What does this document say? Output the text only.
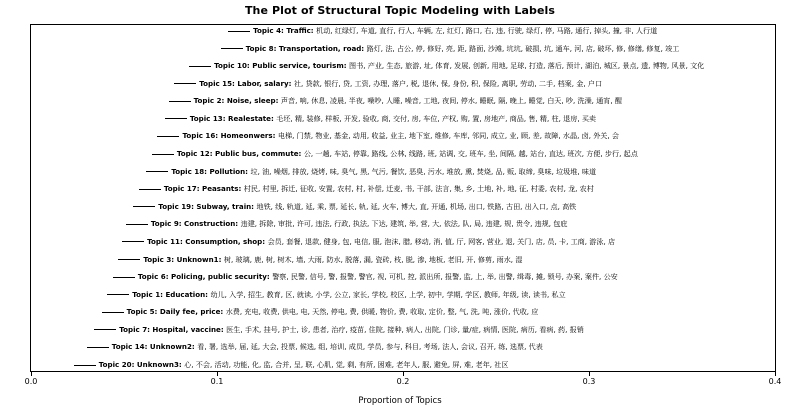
The Plot of Structural Topic Modeling with Labels
Topic 4: Traffic: 机动, 红绿灯, 车道, 直行, 行人, 车辆, 左, 红灯, 路口, 右, 违, 行驶, 绿灯, 停, 马路, 通行, 掉头, 撞, 非, 人行道
Topic 8: Transportation, road: 路灯, 法, 占公, 停, 修好, 亮, 距, 路面, 沙滩, 坑坑, 破损, 坑, 通车, 河, 店, 破坏, 修, 修缮, 修复, 竣工
Topic 10: Public service, tourism: 图书, 产业, 生态, 旅游, 址, 体育, 发展, 创新, 用地, 足球, 打造, 落后, 预计, 湖泊, 城区, 景点, 遗, 博物, 风景, 文化
Topic 15: Labor, salary: 社, 贷款, 银行, 贷, 工资, 办理, 落户, 税, 退休, 保, 身份, 积, 保险, 离职, 劳动, 二手, 档案, 金, 户口
Topic 2: Noise, sleep: 声音, 响, 休息, 凌晨, 半夜, 噪吵, 人睡, 噪音, 工地, 夜间, 停水, 睡眠, 隔, 晚上, 睡觉, 白天, 吵, 洗澡, 通宵, 醒
Topic 13: Realestate: 毛坯, 精, 装修, 样板, 开发, 验收, 商, 交付, 房, 车位, 产权, 购, 置, 房地产, 商品, 售, 精, 柱, 退房, 买卖
Topic 16: Homeonwers: 电梯, 门禁, 物业, 基金, 动用, 收益, 业主, 地下室, 维修, 车库, 邻同, 成立, 业, 顾, 差, 故障, 水晶, 卤, 外关, 会
Topic 12: Public bus, commute: 公, 一趟, 车站, 停靠, 路线, 公林, 线路, 班, 站调, 交, 班车, 坐, 间隔, 越, 站台, 直达, 班次, 方便, 步行, 起点
Topic 18: Pollution: 垃, 油, 噪烟, 排放, 烧烤, 味, 臭气, 黑, 气污, 餐饮, 恶臭, 污水, 堆放, 熏, 焚烧, 品, 贩, 取缔, 臭味, 垃圾堆, 味道
Topic 17: Peasants: 村民, 村里, 拆迁, 征收, 安置, 农村, 村, 补偿, 迁麦, 书, 干部, 法言, 集, 乡, 土地, 补, 地, 征, 村委, 农村, 龙, 农村
Topic 19: Subway, train: 地铁, 线, 轨道, 延, 乘, 票, 延长, 轨, 延, 火车, 博大, 直, 开通, 机场, 出口, 铁路, 古田, 出入口, 点, 高铁
Topic 9: Construction: 违建, 拆除, 审批, 许可, 违法, 行政, 执法, 下达, 建筑, 举, 营, 大, 依法, 队, 局, 违建, 规, 贵令, 违规, 包庇
Topic 11: Consumption, shop: 会员, 套餐, 退款, 健身, 包, 电信, 服, 泡沫, 腊, 移动, 消, 值, 厅, 网客, 营业, 退, 关门, 店, 员, 卡, 工商, 游泳, 店
Topic 3: Unknown1: 树, 玻璃, 鹿, 树, 树木, 墙, 大雨, 防水, 脱落, 漏, 瓷砖, 枝, 脱, 渗, 地板, 老旧, 开, 修剪, 雨水, 湿
Topic 6: Policing, public security: 警察, 民警, 信号, 警, 报警, 警官, 视, 可机, 控, 派出所, 报警, 监, 上, 举, 出警, 缉毒, 摊, 锁号, 办案, 案件, 公安
Topic 1: Education: 幼儿, 入学, 招生, 教育, 区, 就读, 小学, 公立, 家长, 学校, 校区, 上学, 初中, 学期, 学区, 教师, 年级, 读, 读书, 私立
Topic 5: Daily fee, price: 水费, 充电, 收费, 供电, 电, 天然, 停电, 费, 供暖, 物价, 费, 收取, 定价, 整, 气, 洗, 吨, 涨价, 代收, 应
Topic 7: Hospital, vaccine: 医生, 手术, 挂号, 护士, 诊, 患者, 治疗, 疫苗, 住院, 接种, 病人, 出院, 门诊, 量/症, 病情, 医院, 病历, 看病, 药, 报销
Topic 14: Unknown2: 看, 署, 选举, 届, 延, 大会, 投票, 候选, 组, 培训, 成员, 学员, 参与, 科目, 考场, 法人, 会议, 召开, 练, 选票, 代表
Topic 20: Unknown3: 心, 不会, 活动, 功能, 化, 监, 合并, 呈, 联, 心肌, 觉, 剩, 有所, 困难, 老年人, 服, 避免, 屏, 难, 老年, 社区
0.0	0.1	0.2	0.3	0.4
Proportion of Topics
